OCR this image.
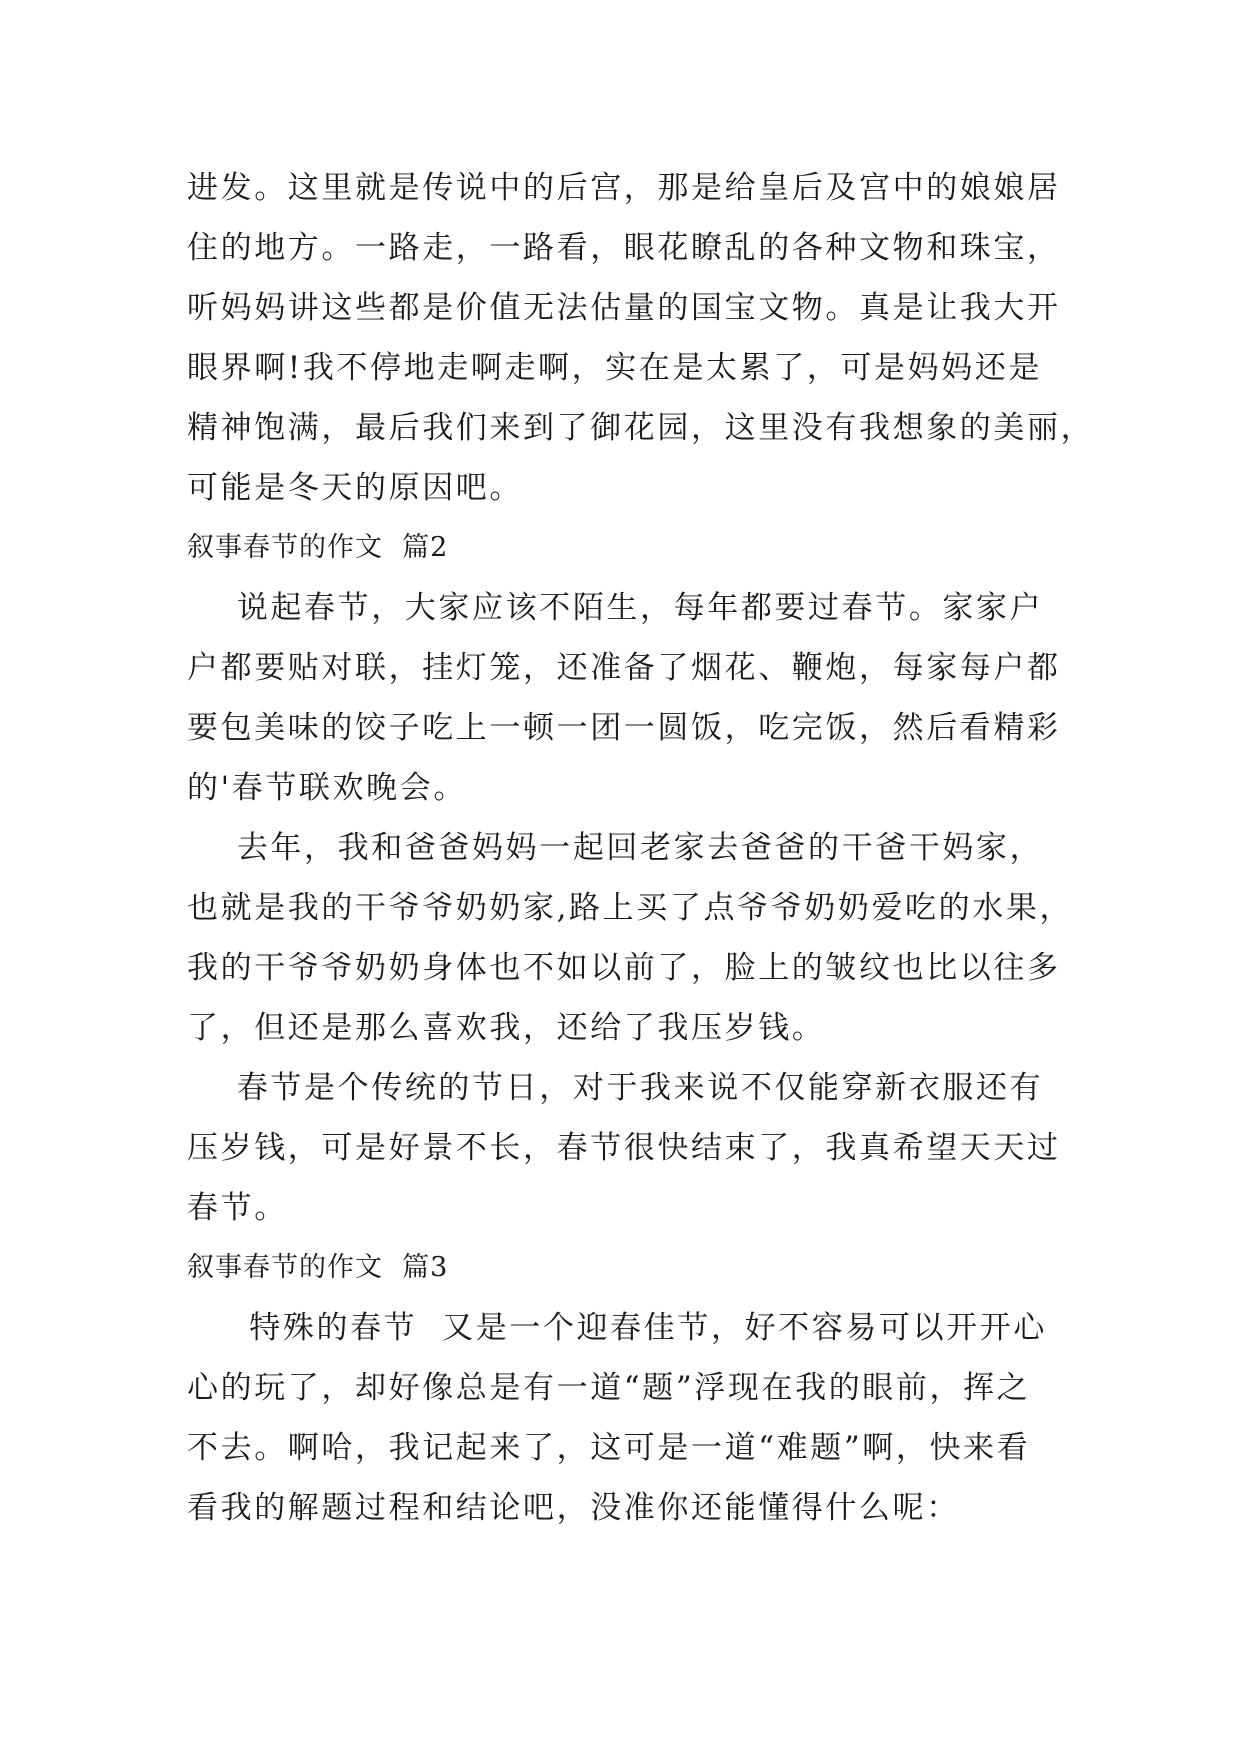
进发。这里就是传说中的后宫，那是给皇后及宫中的娘娘居
住的地方。一路走，一路看，眼花瞭乱的各种文物和珠宝，
听妈妈讲这些都是价值无法估量的国宝文物。真是让我大开
眼界啊!我不停地走啊走啊，实在是太累了，可是妈妈还是
精神饱满，最后我们来到了御花园，这里没有我想象的美丽，
可能是冬天的原因吧。
叙事春节的作文  篇2
说起春节，大家应该不陌生，每年都要过春节。家家户
户都要贴对联，挂灯笼，还准备了烟花、鞭炮，每家每户都
要包美味的饺子吃上一顿一团一圆饭，吃完饭，然后看精彩
的'春节联欢晚会。
去年，我和爸爸妈妈一起回老家去爸爸的干爸干妈家，
也就是我的干爷爷奶奶家,路上买了点爷爷奶奶爱吃的水果，
我的干爷爷奶奶身体也不如以前了，脸上的皱纹也比以往多
了，但还是那么喜欢我，还给了我压岁钱。
春节是个传统的节日，对于我来说不仅能穿新衣服还有
压岁钱，可是好景不长，春节很快结束了，我真希望天天过
春节。
叙事春节的作文  篇3
特殊的春节  又是一个迎春佳节，好不容易可以开开心
心的玩了，却好像总是有一道“题”浮现在我的眼前，挥之
不去。啊哈，我记起来了，这可是一道“难题”啊，快来看
看我的解题过程和结论吧，没准你还能懂得什么呢：
